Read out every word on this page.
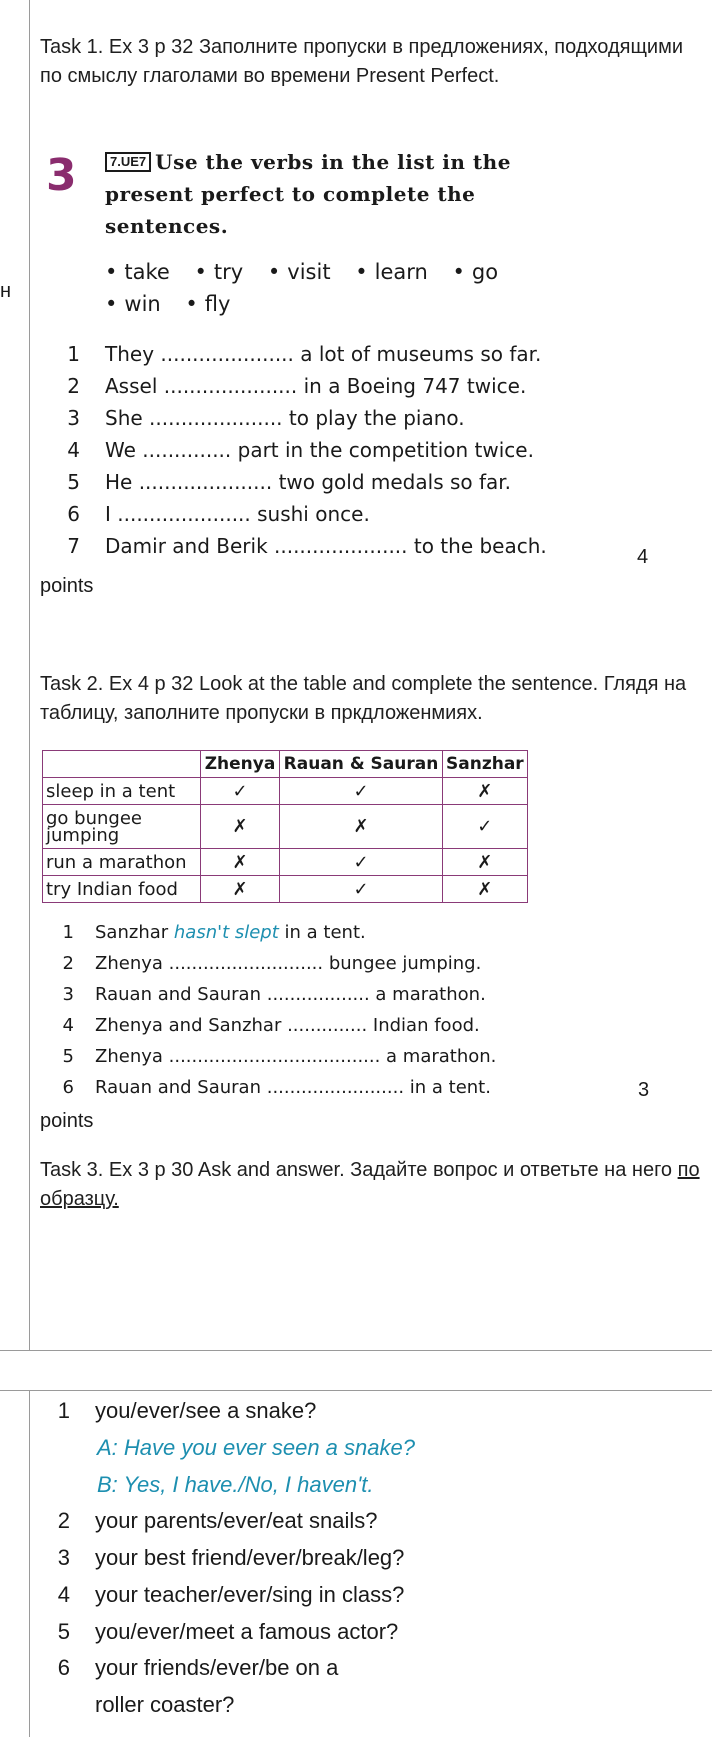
н
Task 1. Ex 3 p 32 Заполните пропуски в предложениях, подходящими по смыслу глаголами во времени Present Perfect.
3	7.UE7 Use the verbs in the list in the present perfect to complete the sentences.
• take • try • visit • learn • go
• win • fly
1 They ..................... a lot of museums so far.
2 Assel ..................... in a Boeing 747 twice.
3 She ..................... to play the piano.
4 We .............. part in the competition twice.
5 He ..................... two gold medals so far.
6 I ..................... sushi once.
7 Damir and Berik ..................... to the beach.	4
points
Task 2. Ex 4 p 32 Look at the table and complete the sentence. Глядя на таблицу, заполните пропуски в пркдложенмиях.
	Zhenya	Rauan & Sauran	Sanzhar
sleep in a tent	✓	✓	✗
go bungee jumping	✗	✗	✓
run a marathon	✗	✓	✗
try Indian food	✗	✓	✗
1 Sanzhar hasn't slept in a tent.
2 Zhenya ........................... bungee jumping.
3 Rauan and Sauran .................. a marathon.
4 Zhenya and Sanzhar .............. Indian food.
5 Zhenya ..................................... a marathon.
6 Rauan and Sauran ........................ in a tent.	3
points
Task 3. Ex 3 p 30 Ask and answer. Задайте вопрос и ответьте на него по образцу.
1 you/ever/see a snake?
A: Have you ever seen a snake?
B: Yes, I have./No, I haven't.
2 your parents/ever/eat snails?
3 your best friend/ever/break/leg?
4 your teacher/ever/sing in class?
5 you/ever/meet a famous actor?
6 your friends/ever/be on a
roller coaster?
